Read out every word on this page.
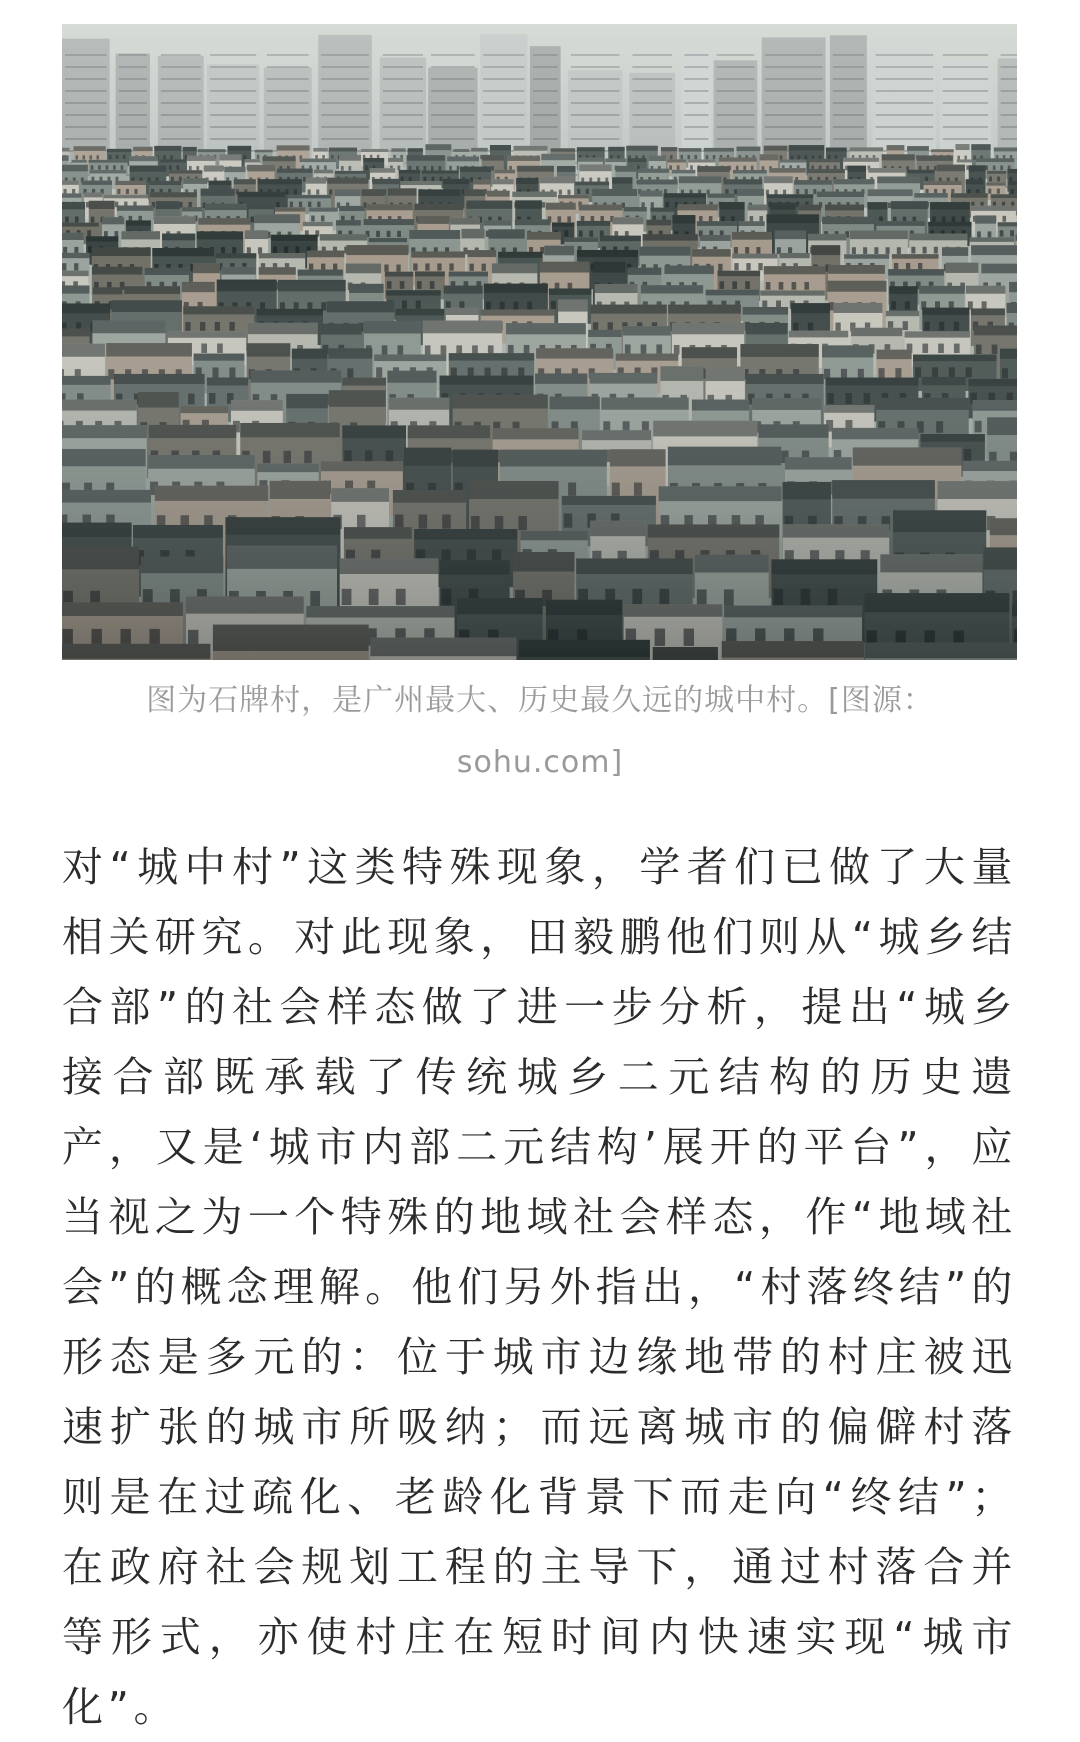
图为石牌村，是广州最大、历史最久远的城中村。[图源：sohu.com]

对“城中村”这类特殊现象，学者们已做了大量相关研究。对此现象，田毅鹏他们则从“城乡结合部”的社会样态做了进一步分析，提出“城乡接合部既承载了传统城乡二元结构的历史遗产，又是‘城市内部二元结构’展开的平台”，应当视之为一个特殊的地域社会样态，作“地域社会”的概念理解。他们另外指出，“村落终结”的形态是多元的：位于城市边缘地带的村庄被迅速扩张的城市所吸纳；而远离城市的偏僻村落则是在过疏化、老龄化背景下而走向“终结”；在政府社会规划工程的主导下，通过村落合并等形式，亦使村庄在短时间内快速实现“城市化”。
